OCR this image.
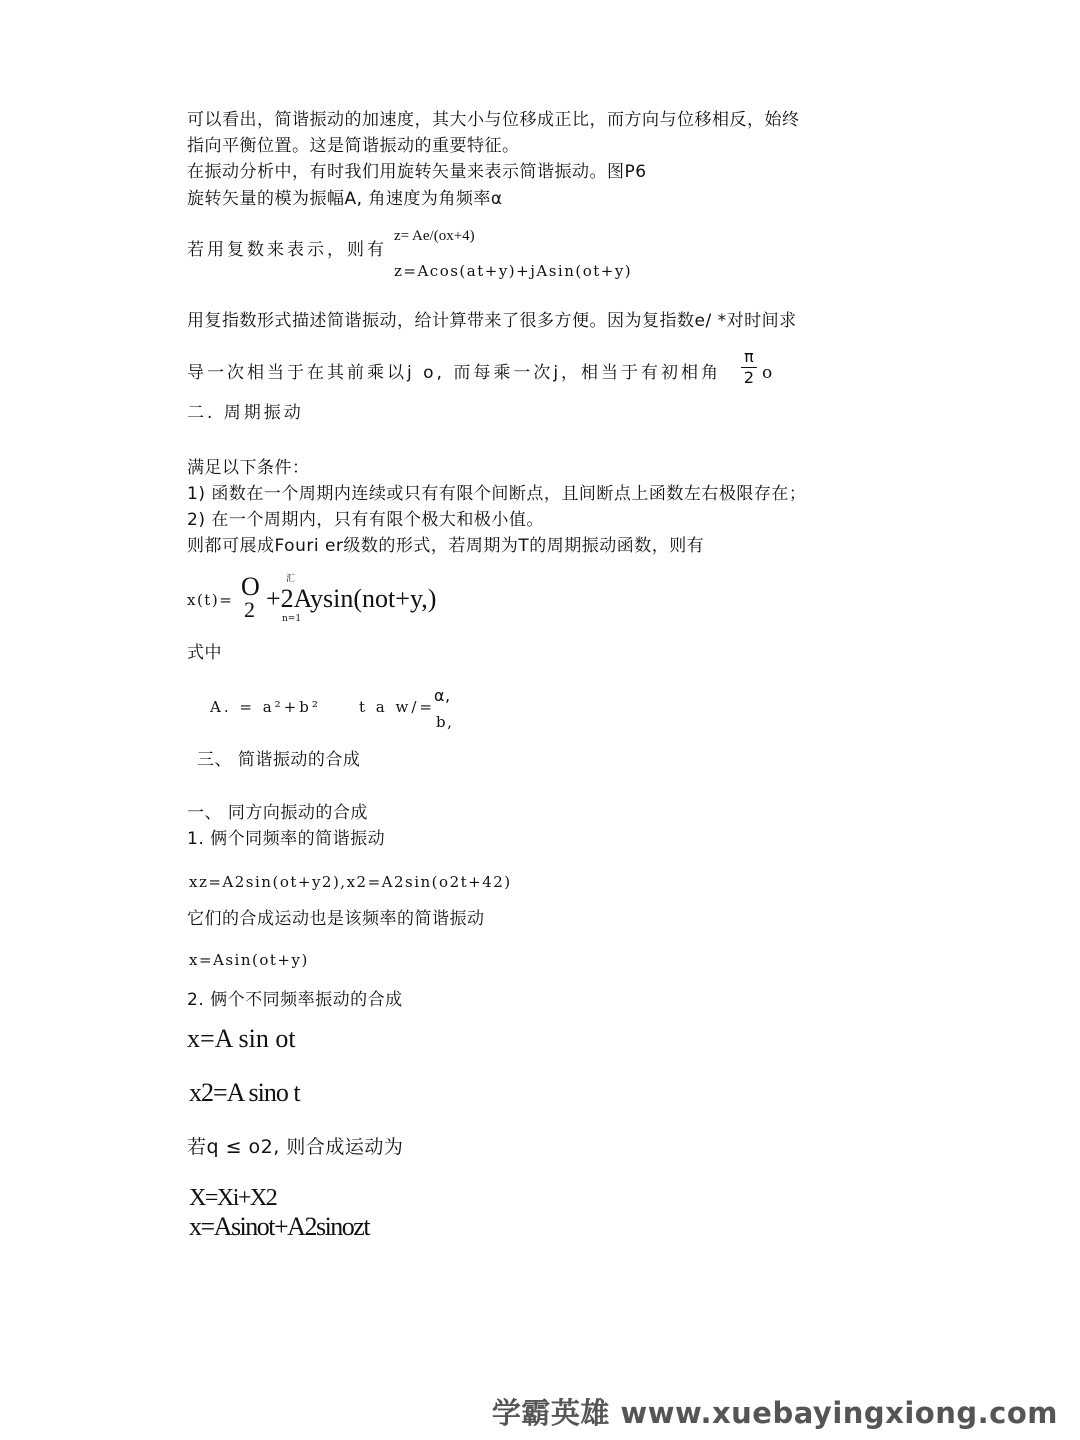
可以看出，简谐振动的加速度，其大小与位移成正比，而方向与位移相反，始终
指向平衡位置。这是简谐振动的重要特征。
在振动分析中，有时我们用旋转矢量来表示简谐振动。图P6
旋转矢量的模为振幅A, 角速度为角频率α
若用复数来表示，则有
z= Ae/(ox+4)
z=Acos(at+y)+jAsin(ot+y)
用复指数形式描述简谐振动，给计算带来了很多方便。因为复指数e/ *对时间求
导一次相当于在其前乘以j o, 而每乘一次j，相当于有初相角
π
2 o
二. 周期振动
满足以下条件：
1) 函数在一个周期内连续或只有有限个间断点，且间断点上函数左右极限存在；
2) 在一个周期内，只有有限个极大和极小值。
则都可展成Fouri er级数的形式，若周期为T的周期振动函数，则有
x(t)= O
2
汇
+2Aysin(not+y,)
n=1
式中
A. = a²+b²	t a w/=
α,
b,
三、 简谐振动的合成
一、 同方向振动的合成
1. 俩个同频率的简谐振动
xz=A2sin(ot+y2),x2=A2sin(o2t+42)
它们的合成运动也是该频率的简谐振动
x=Asin(ot+y)
2. 俩个不同频率振动的合成
x=A sin ot
x2=A sino t
若q ≤ o2, 则合成运动为
X=Xi+X2
x=Asinot+A2sinozt
学霸英雄 www.xuebayingxiong.com
